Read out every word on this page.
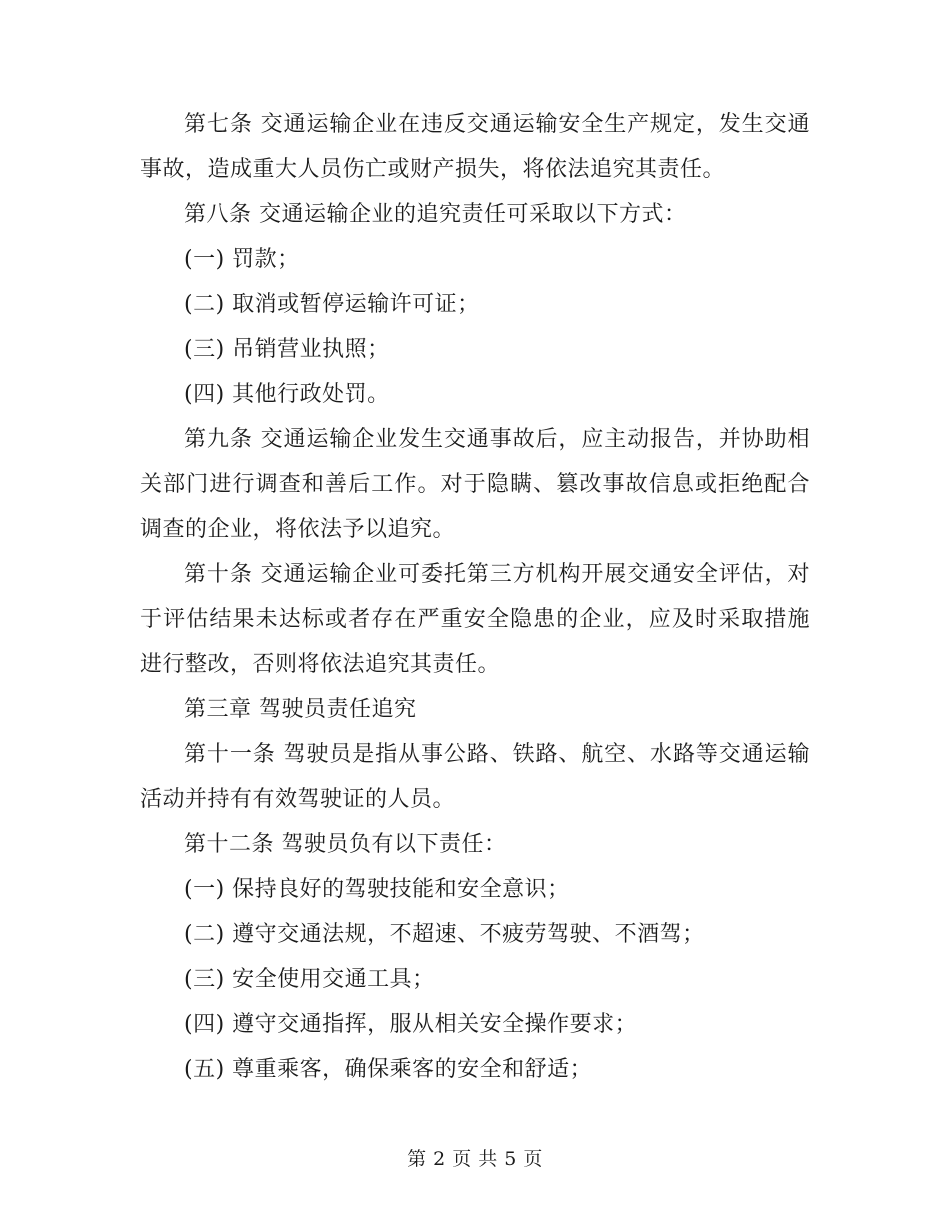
第七条 交通运输企业在违反交通运输安全生产规定，发生交通事故，造成重大人员伤亡或财产损失，将依法追究其责任。

第八条 交通运输企业的追究责任可采取以下方式：

(一) 罚款；

(二) 取消或暂停运输许可证；

(三) 吊销营业执照；

(四) 其他行政处罚。

第九条 交通运输企业发生交通事故后，应主动报告，并协助相关部门进行调查和善后工作。对于隐瞒、篡改事故信息或拒绝配合调查的企业，将依法予以追究。

第十条 交通运输企业可委托第三方机构开展交通安全评估，对于评估结果未达标或者存在严重安全隐患的企业，应及时采取措施进行整改，否则将依法追究其责任。

第三章 驾驶员责任追究

第十一条 驾驶员是指从事公路、铁路、航空、水路等交通运输活动并持有有效驾驶证的人员。

第十二条 驾驶员负有以下责任：

(一) 保持良好的驾驶技能和安全意识；

(二) 遵守交通法规，不超速、不疲劳驾驶、不酒驾；

(三) 安全使用交通工具；

(四) 遵守交通指挥，服从相关安全操作要求；

(五) 尊重乘客，确保乘客的安全和舒适；

第 2 页 共 5 页
